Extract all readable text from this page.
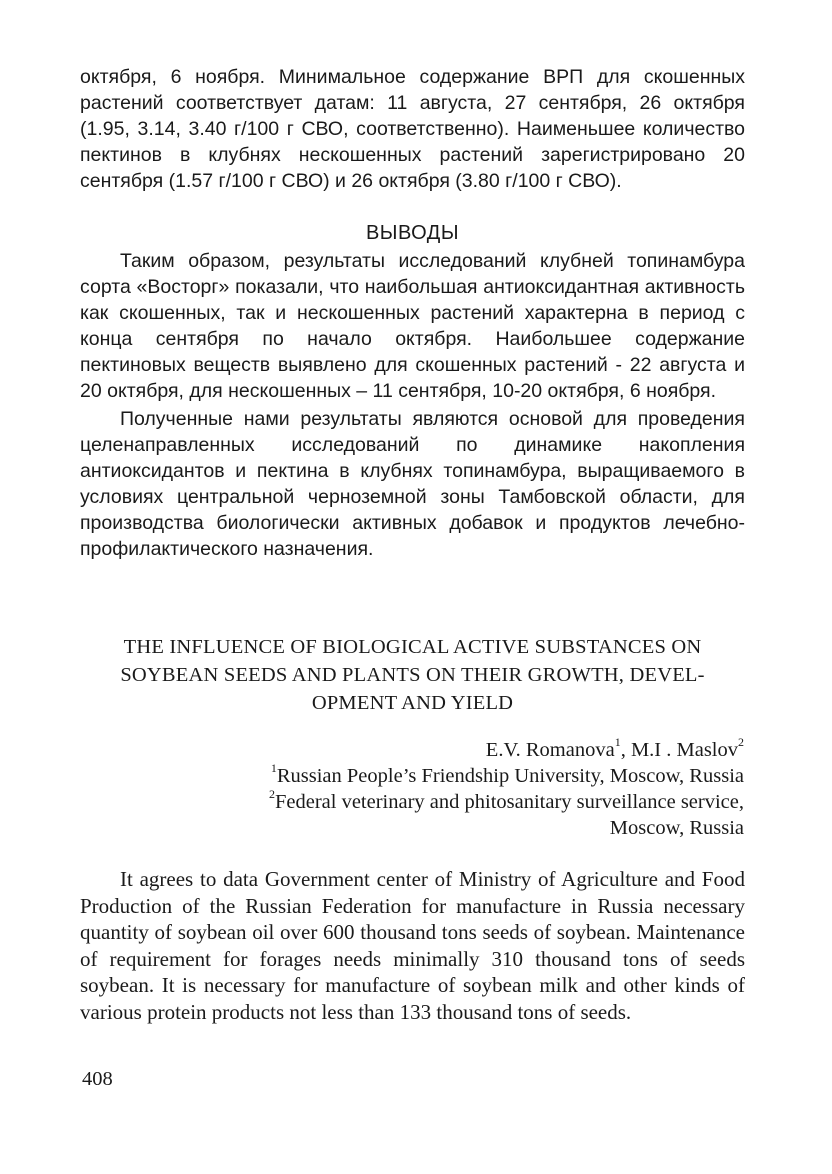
октября, 6 ноября. Минимальное содержание ВРП для скошенных растений соответствует датам: 11 августа, 27 сентября, 26 октября (1.95, 3.14, 3.40 г/100 г СВО, соответственно). Наименьшее количество пектинов в клубнях нескошенных растений зарегистрировано 20 сентября (1.57 г/100 г СВО) и 26 октября (3.80 г/100 г СВО).

ВЫВОДЫ

Таким образом, результаты исследований клубней топинамбура сорта «Восторг» показали, что наибольшая антиоксидантная активность как скошенных, так и нескошенных растений характерна в период с конца сентября по начало октября. Наибольшее содержание пектиновых веществ выявлено для скошенных растений - 22 августа и 20 октября, для нескошенных – 11 сентября, 10-20 октября, 6 ноября.

Полученные нами результаты являются основой для проведения целенаправленных исследований по динамике накопления антиоксидантов и пектина в клубнях топинамбура, выращиваемого в условиях центральной черноземной зоны Тамбовской области, для производства биологически активных добавок и продуктов лечебно-профилактического назначения.

THE INFLUENCE OF BIOLOGICAL ACTIVE SUBSTANCES ON
SOYBEAN SEEDS AND PLANTS ON THEIR GROWTH, DEVEL-
OPMENT AND YIELD
E.V. Romanova$^1$, M.I . Maslov$^2$
$^1$Russian People’s Friendship University, Moscow, Russia
$^2$Federal veterinary and phitosanitary surveillance service,
Moscow, Russia

It agrees to data Government center of Ministry of Agriculture and Food Production of the Russian Federation for manufacture in Russia necessary quantity of soybean oil over 600 thousand tons seeds of soybean. Maintenance of requirement for forages needs minimally 310 thousand tons of seeds soybean. It is necessary for manufacture of soybean milk and other kinds of various protein products not less than 133 thousand tons of seeds.

408
